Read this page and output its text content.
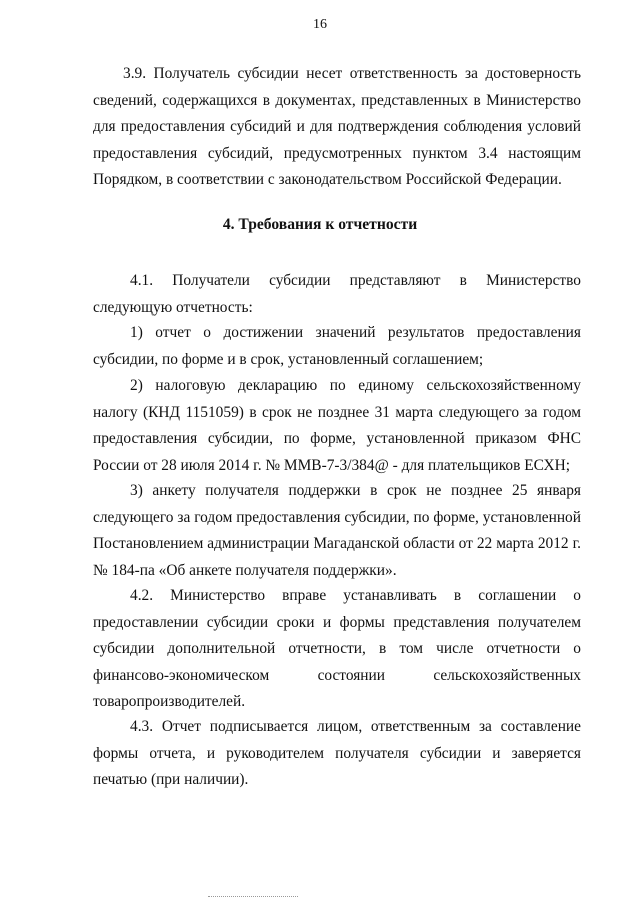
16
3.9. Получатель субсидии несет ответственность за достоверность
сведений, содержащихся в документах, представленных в Министерство
для предоставления субсидий и для подтверждения соблюдения условий
предоставления субсидий, предусмотренных пунктом 3.4 настоящим
Порядком, в соответствии с законодательством Российской Федерации.
4. Требования к отчетности
4.1. Получатели субсидии представляют в Министерство
следующую отчетность:
1) отчет о достижении значений результатов предоставления
субсидии, по форме и в срок, установленный соглашением;
2) налоговую декларацию по единому сельскохозяйственному
налогу (КНД 1151059) в срок не позднее 31 марта следующего за годом
предоставления субсидии, по форме, установленной приказом ФНС
России от 28 июля 2014 г. № ММВ-7-3/384@ - для плательщиков ЕСХН;
3) анкету получателя поддержки в срок не позднее 25 января
следующего за годом предоставления субсидии, по форме, установленной
Постановлением администрации Магаданской области от 22 марта 2012 г.
№ 184-па «Об анкете получателя поддержки».
4.2. Министерство вправе устанавливать в соглашении о
предоставлении субсидии сроки и формы представления получателем
субсидии дополнительной отчетности, в том числе отчетности о
финансово-экономическом состоянии сельскохозяйственных
товаропроизводителей.
4.3. Отчет подписывается лицом, ответственным за составление
формы отчета, и руководителем получателя субсидии и заверяется
печатью (при наличии).
